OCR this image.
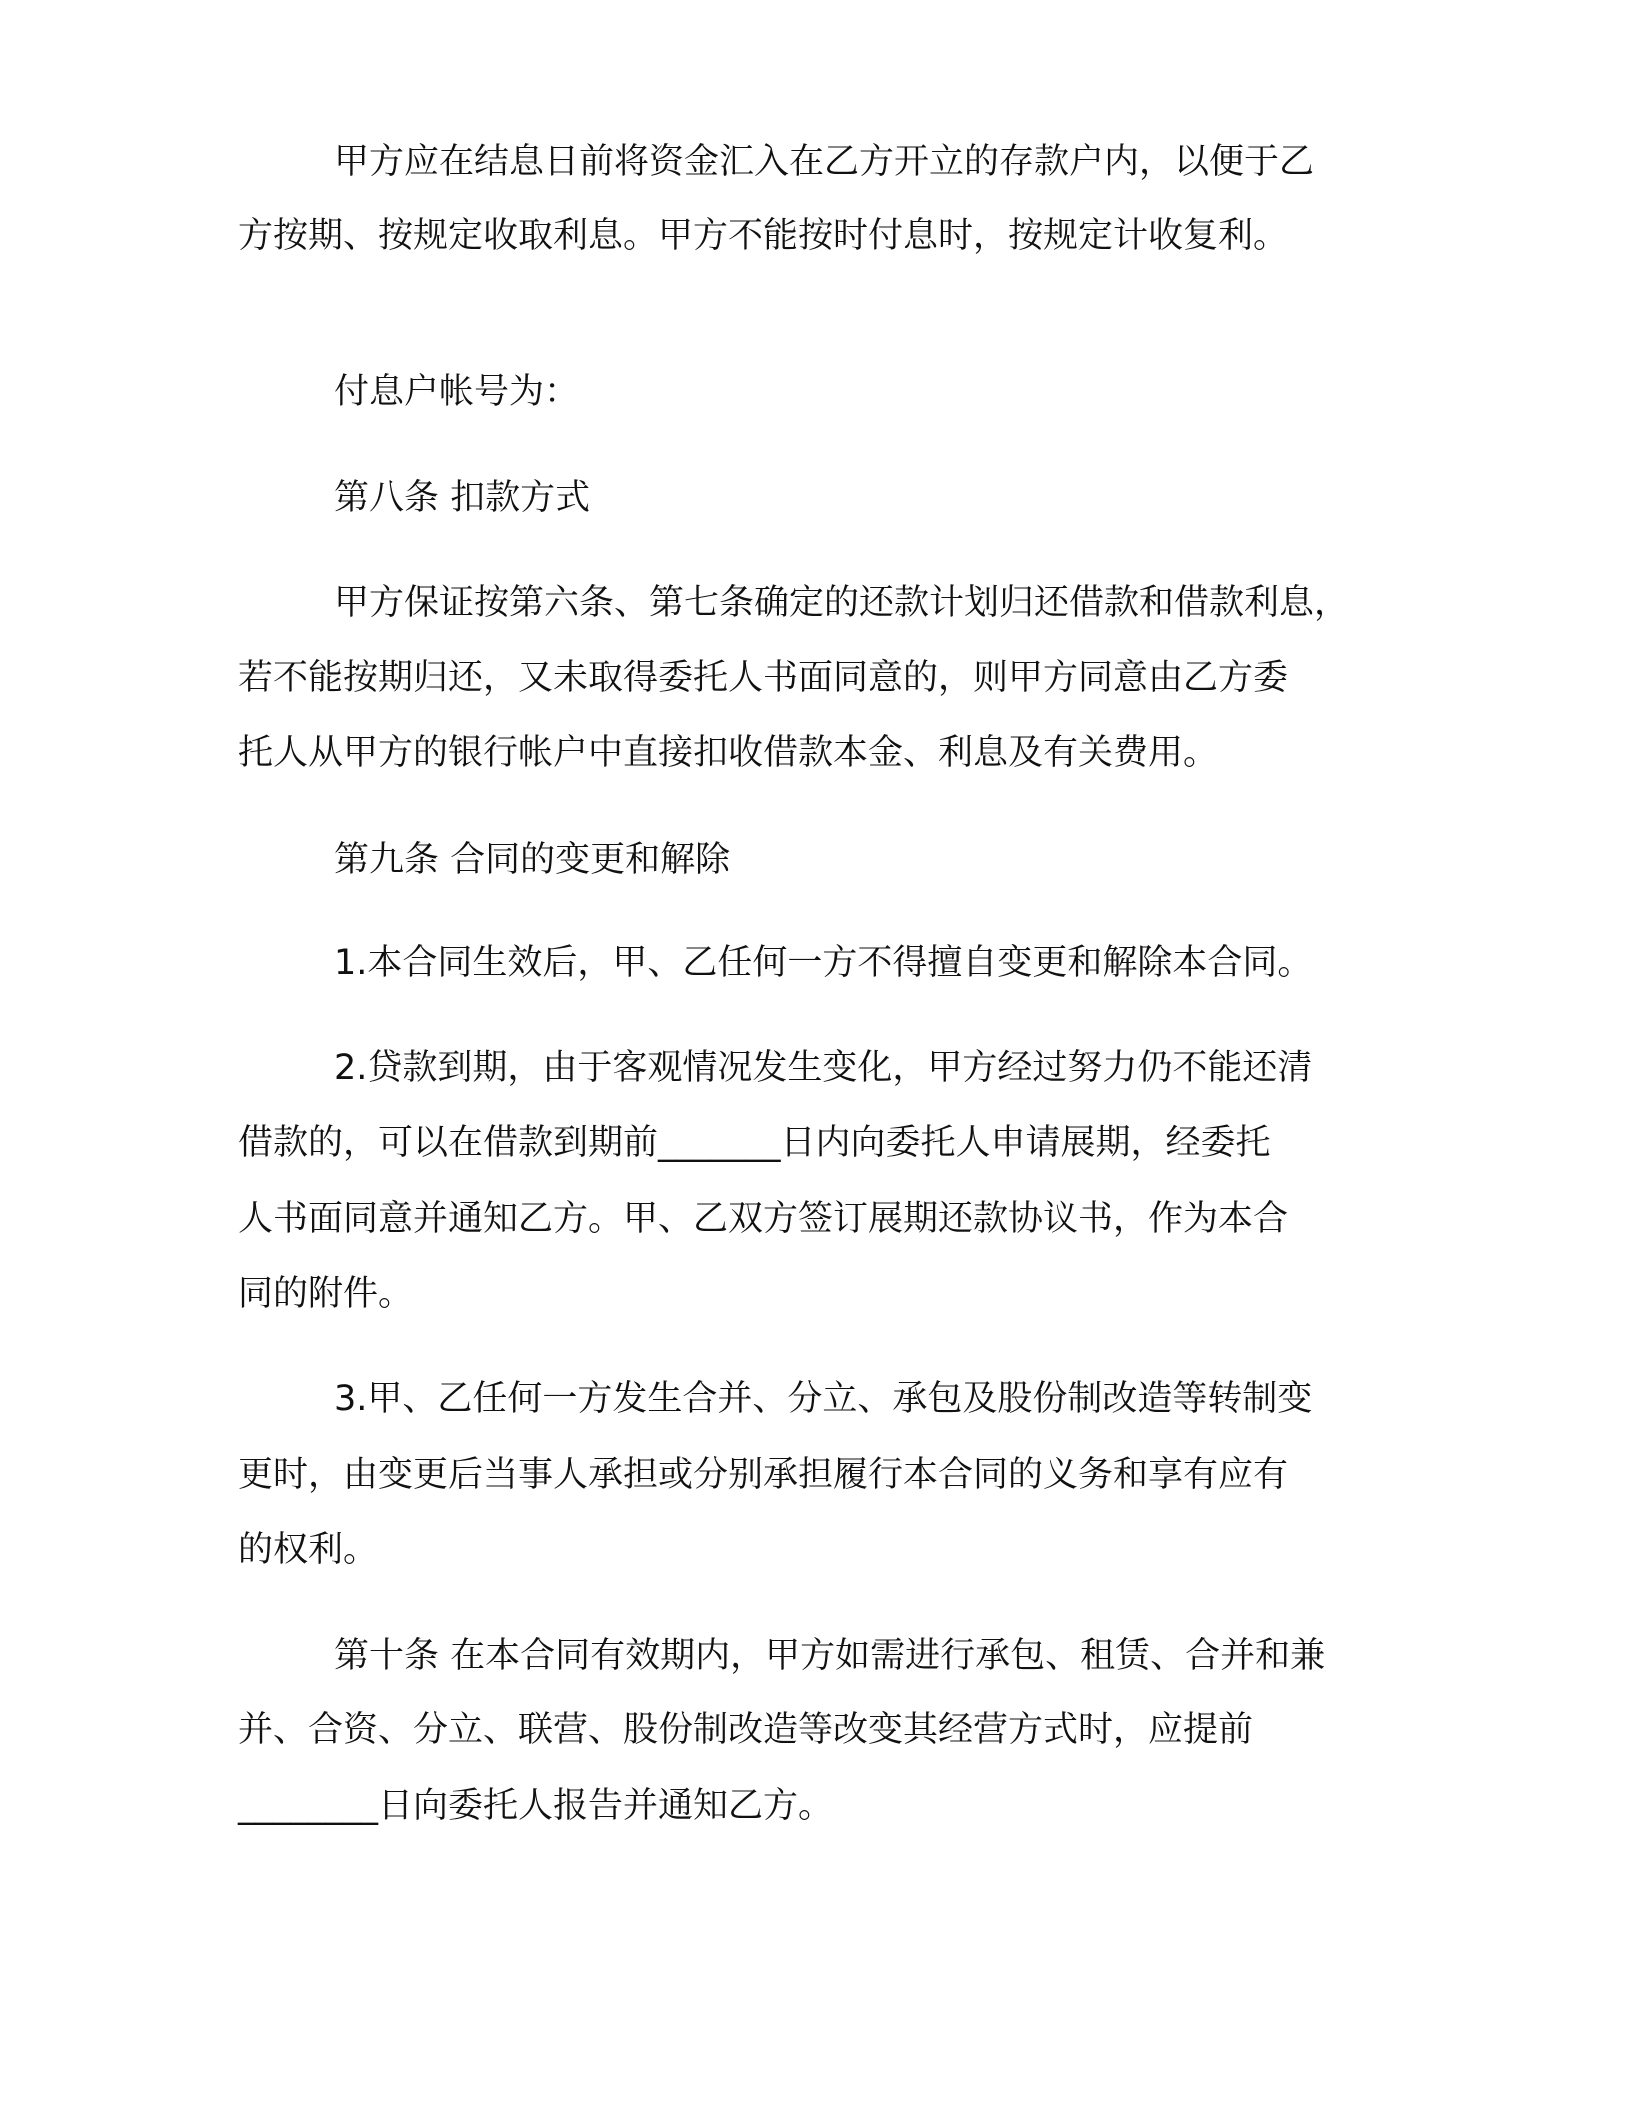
甲方应在结息日前将资金汇入在乙方开立的存款户内，以便于乙
方按期、按规定收取利息。甲方不能按时付息时，按规定计收复利。
付息户帐号为：
第八条 扣款方式
甲方保证按第六条、第七条确定的还款计划归还借款和借款利息，
若不能按期归还，又未取得委托人书面同意的，则甲方同意由乙方委
托人从甲方的银行帐户中直接扣收借款本金、利息及有关费用。
第九条 合同的变更和解除
1.本合同生效后，甲、乙任何一方不得擅自变更和解除本合同。
2.贷款到期，由于客观情况发生变化，甲方经过努力仍不能还清
借款的，可以在借款到期前_______日内向委托人申请展期，经委托
人书面同意并通知乙方。甲、乙双方签订展期还款协议书，作为本合
同的附件。
3.甲、乙任何一方发生合并、分立、承包及股份制改造等转制变
更时，由变更后当事人承担或分别承担履行本合同的义务和享有应有
的权利。
第十条 在本合同有效期内，甲方如需进行承包、租赁、合并和兼
并、合资、分立、联营、股份制改造等改变其经营方式时，应提前
________日向委托人报告并通知乙方。
